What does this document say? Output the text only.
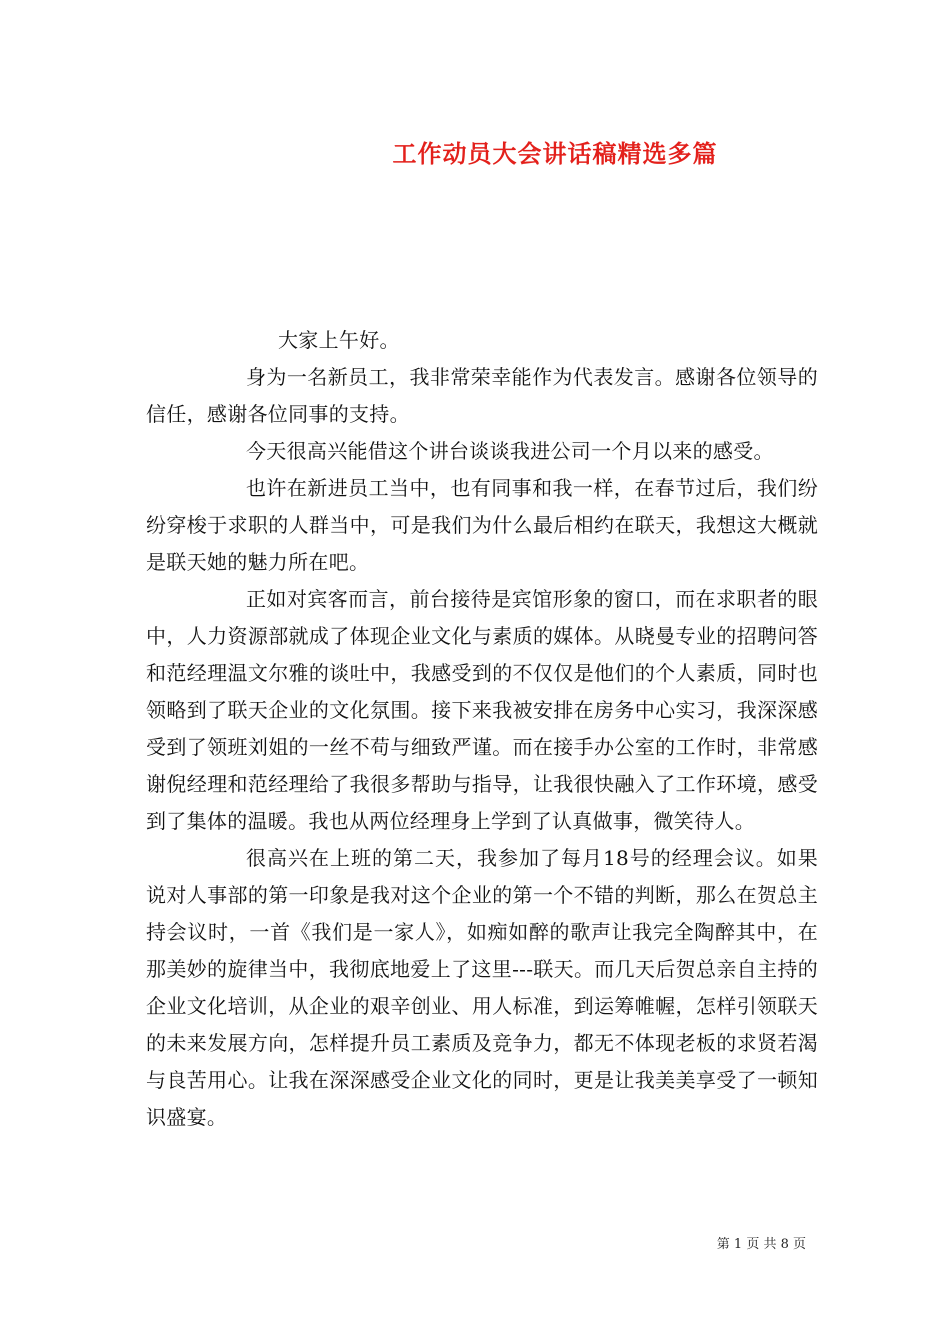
工作动员大会讲话稿精选多篇

大家上午好。

身为一名新员工，我非常荣幸能作为代表发言。感谢各位领导的信任，感谢各位同事的支持。

今天很高兴能借这个讲台谈谈我进公司一个月以来的感受。

也许在新进员工当中，也有同事和我一样，在春节过后，我们纷纷穿梭于求职的人群当中，可是我们为什么最后相约在联天，我想这大概就是联天她的魅力所在吧。

正如对宾客而言，前台接待是宾馆形象的窗口，而在求职者的眼中，人力资源部就成了体现企业文化与素质的媒体。从晓曼专业的招聘问答和范经理温文尔雅的谈吐中，我感受到的不仅仅是他们的个人素质，同时也领略到了联天企业的文化氛围。接下来我被安排在房务中心实习，我深深感受到了领班刘姐的一丝不苟与细致严谨。而在接手办公室的工作时，非常感谢倪经理和范经理给了我很多帮助与指导，让我很快融入了工作环境，感受到了集体的温暖。我也从两位经理身上学到了认真做事，微笑待人。

很高兴在上班的第二天，我参加了每月18号的经理会议。如果说对人事部的第一印象是我对这个企业的第一个不错的判断，那么在贺总主持会议时，一首《我们是一家人》，如痴如醉的歌声让我完全陶醉其中，在那美妙的旋律当中，我彻底地爱上了这里---联天。而几天后贺总亲自主持的企业文化培训，从企业的艰辛创业、用人标准，到运筹帷幄，怎样引领联天的未来发展方向，怎样提升员工素质及竞争力，都无不体现老板的求贤若渴与良苦用心。让我在深深感受企业文化的同时，更是让我美美享受了一顿知识盛宴。

第 1 页 共 8 页
